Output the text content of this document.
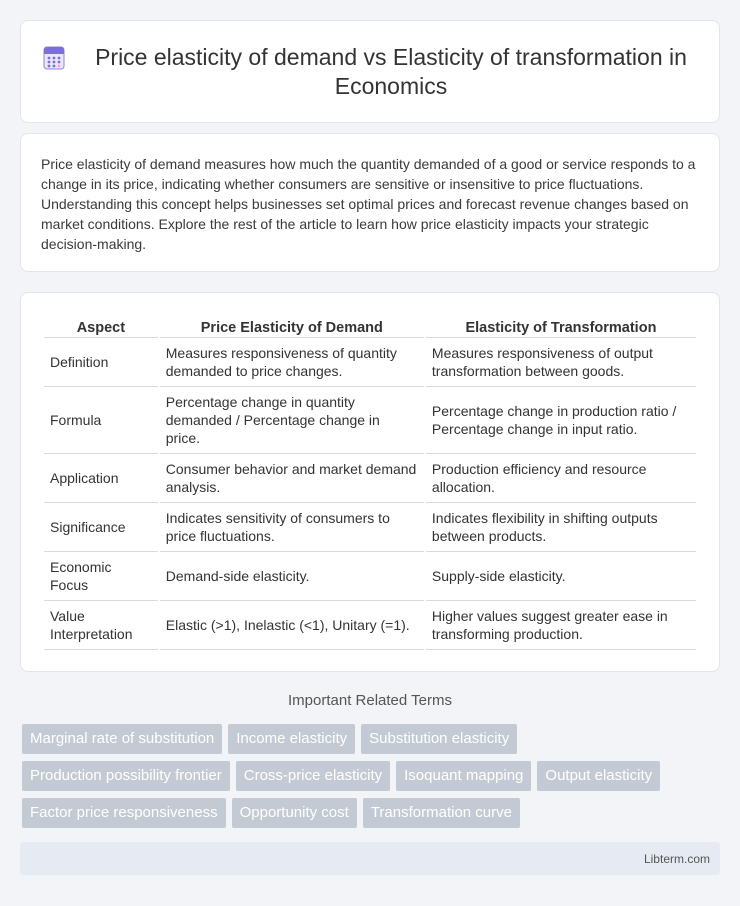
Price elasticity of demand vs Elasticity of transformation in Economics

Price elasticity of demand measures how much the quantity demanded of a good or service responds to a change in its price, indicating whether consumers are sensitive or insensitive to price fluctuations. Understanding this concept helps businesses set optimal prices and forecast revenue changes based on market conditions. Explore the rest of the article to learn how price elasticity impacts your strategic decision-making.

Aspect	Price Elasticity of Demand	Elasticity of Transformation
Definition	Measures responsiveness of quantity demanded to price changes.	Measures responsiveness of output transformation between goods.
Formula	Percentage change in quantity demanded / Percentage change in price.	Percentage change in production ratio / Percentage change in input ratio.
Application	Consumer behavior and market demand analysis.	Production efficiency and resource allocation.
Significance	Indicates sensitivity of consumers to price fluctuations.	Indicates flexibility in shifting outputs between products.
Economic Focus	Demand-side elasticity.	Supply-side elasticity.
Value Interpretation	Elastic (>1), Inelastic (<1), Unitary (=1).	Higher values suggest greater ease in transforming production.
Important Related Terms
Marginal rate of substitution	Income elasticity	Substitution elasticity
Production possibility frontier	Cross-price elasticity	Isoquant mapping	Output elasticity
Factor price responsiveness	Opportunity cost	Transformation curve
Libterm.com
